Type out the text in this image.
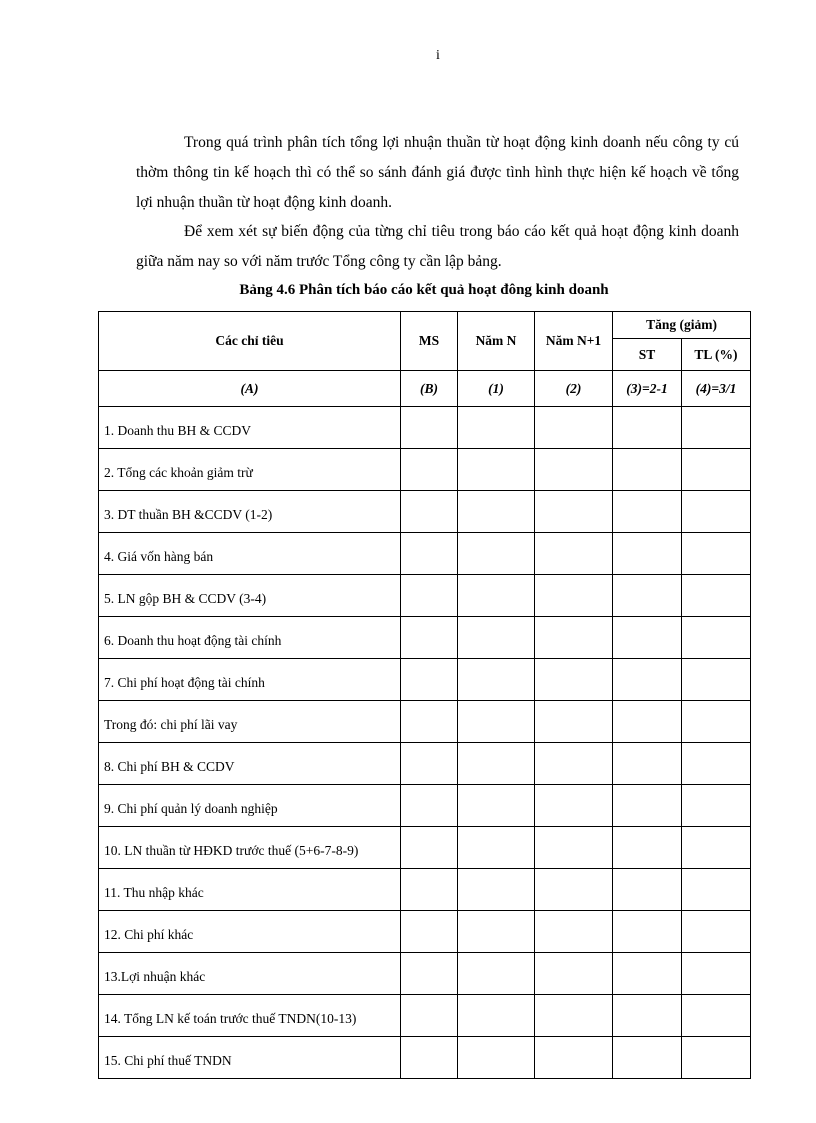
i

Trong quá trình phân tích tổng lợi nhuận thuần từ hoạt động kinh doanh nếu công ty cú thờm thông tin kế hoạch thì có thể so sánh đánh giá được tình hình thực hiện kế hoạch về tổng lợi nhuận thuần từ hoạt động kinh doanh.

Để xem xét sự biến động của từng chỉ tiêu trong báo cáo kết quả hoạt động kinh doanh giữa năm nay so với năm trước Tổng công ty cần lập bảng.

Bảng 4.6 Phân tích báo cáo kết quả hoạt đông kinh doanh
Các chỉ tiêu	MS	Năm N	Năm N+1	Tăng (giảm)	
				ST	TL (%)
(A)	(B)	(1)	(2)	(3)=2-1	(4)=3/1
1. Doanh thu BH & CCDV					
2. Tổng các khoản giảm trừ					
3. DT thuần BH &CCDV (1-2)					
4. Giá vốn hàng bán					
5. LN gộp BH & CCDV (3-4)					
6. Doanh thu hoạt động tài chính					
7. Chi phí hoạt động tài chính					
Trong đó: chi phí lãi vay					
8. Chi phí BH & CCDV					
9. Chi phí quản lý doanh nghiệp					
10. LN thuần từ HĐKD trước thuế (5+6-7-8-9)					
11. Thu nhập khác					
12. Chi phí khác					
13.Lợi nhuận khác					
14. Tổng LN kế toán trước thuế TNDN(10-13)					
15. Chi phí thuế TNDN					
